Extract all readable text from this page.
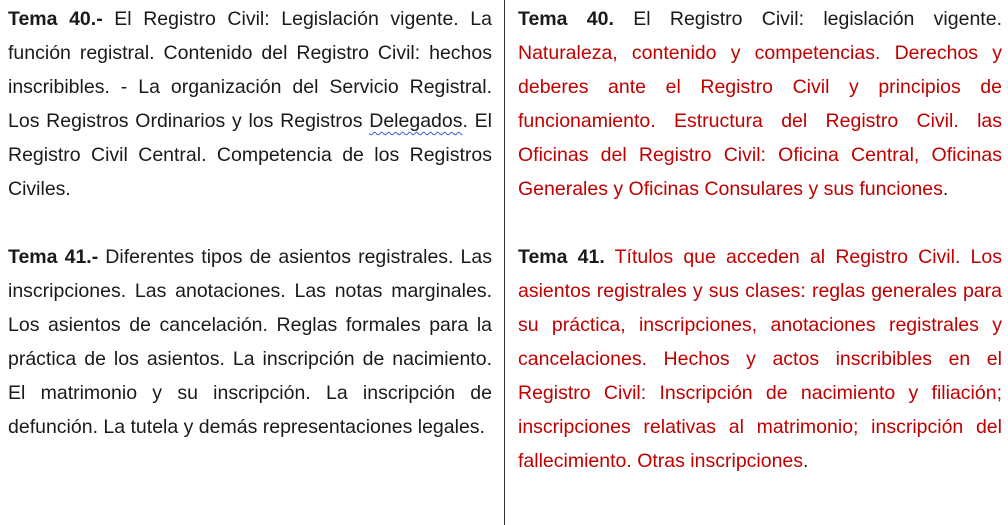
Tema 40.- El Registro Civil: Legislación vigente. La función registral. Contenido del Registro Civil: hechos inscribibles. - La organización del Servicio Registral. Los Registros Ordinarios y los Registros Delegados. El Registro Civil Central. Competencia de los Registros Civiles.

Tema 41.- Diferentes tipos de asientos registrales. Las inscripciones. Las anotaciones. Las notas marginales. Los asientos de cancelación. Reglas formales para la práctica de los asientos. La inscripción de nacimiento. El matrimonio y su inscripción. La inscripción de defunción. La tutela y demás representaciones legales.

Tema 40. El Registro Civil: legislación vigente. Naturaleza, contenido y competencias. Derechos y deberes ante el Registro Civil y principios de funcionamiento. Estructura del Registro Civil. las Oficinas del Registro Civil: Oficina Central, Oficinas Generales y Oficinas Consulares y sus funciones.

Tema 41. Títulos que acceden al Registro Civil. Los asientos registrales y sus clases: reglas generales para su práctica, inscripciones, anotaciones registrales y cancelaciones. Hechos y actos inscribibles en el Registro Civil: Inscripción de nacimiento y filiación; inscripciones relativas al matrimonio; inscripción del fallecimiento. Otras inscripciones.
